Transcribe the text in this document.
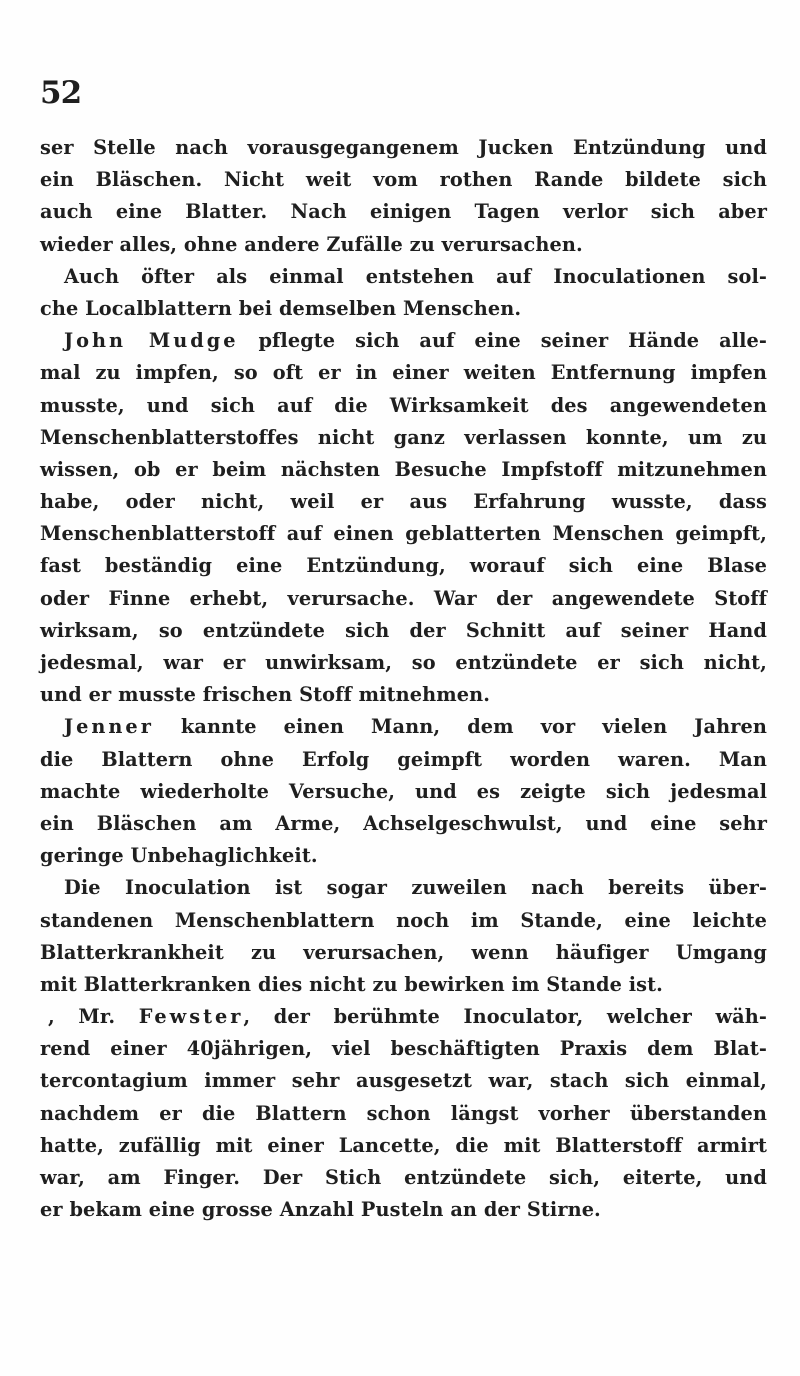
52
ser Stelle nach vorausgegangenem Jucken Entzündung und
ein Bläschen. Nicht weit vom rothen Rande bildete sich
auch eine Blatter. Nach einigen Tagen verlor sich aber
wieder alles, ohne andere Zufälle zu verursachen.
Auch öfter als einmal entstehen auf Inoculationen sol-
che Localblattern bei demselben Menschen.
John Mudge pflegte sich auf eine seiner Hände alle-
mal zu impfen, so oft er in einer weiten Entfernung impfen
musste, und sich auf die Wirksamkeit des angewendeten
Menschenblatterstoffes nicht ganz verlassen konnte, um zu
wissen, ob er beim nächsten Besuche Impfstoff mitzunehmen
habe, oder nicht, weil er aus Erfahrung wusste, dass
Menschenblatterstoff auf einen geblatterten Menschen geimpft,
fast beständig eine Entzündung, worauf sich eine Blase
oder Finne erhebt, verursache. War der angewendete Stoff
wirksam, so entzündete sich der Schnitt auf seiner Hand
jedesmal, war er unwirksam, so entzündete er sich nicht,
und er musste frischen Stoff mitnehmen.
Jenner kannte einen Mann, dem vor vielen Jahren
die Blattern ohne Erfolg geimpft worden waren. Man
machte wiederholte Versuche, und es zeigte sich jedesmal
ein Bläschen am Arme, Achselgeschwulst, und eine sehr
geringe Unbehaglichkeit.
Die Inoculation ist sogar zuweilen nach bereits über-
standenen Menschenblattern noch im Stande, eine leichte
Blatterkrankheit zu verursachen, wenn häufiger Umgang
mit Blatterkranken dies nicht zu bewirken im Stande ist.
, Mr. Fewster, der berühmte Inoculator, welcher wäh-
rend einer 40jährigen, viel beschäftigten Praxis dem Blat-
tercontagium immer sehr ausgesetzt war, stach sich einmal,
nachdem er die Blattern schon längst vorher überstanden
hatte, zufällig mit einer Lancette, die mit Blatterstoff armirt
war, am Finger. Der Stich entzündete sich, eiterte, und
er bekam eine grosse Anzahl Pusteln an der Stirne.
